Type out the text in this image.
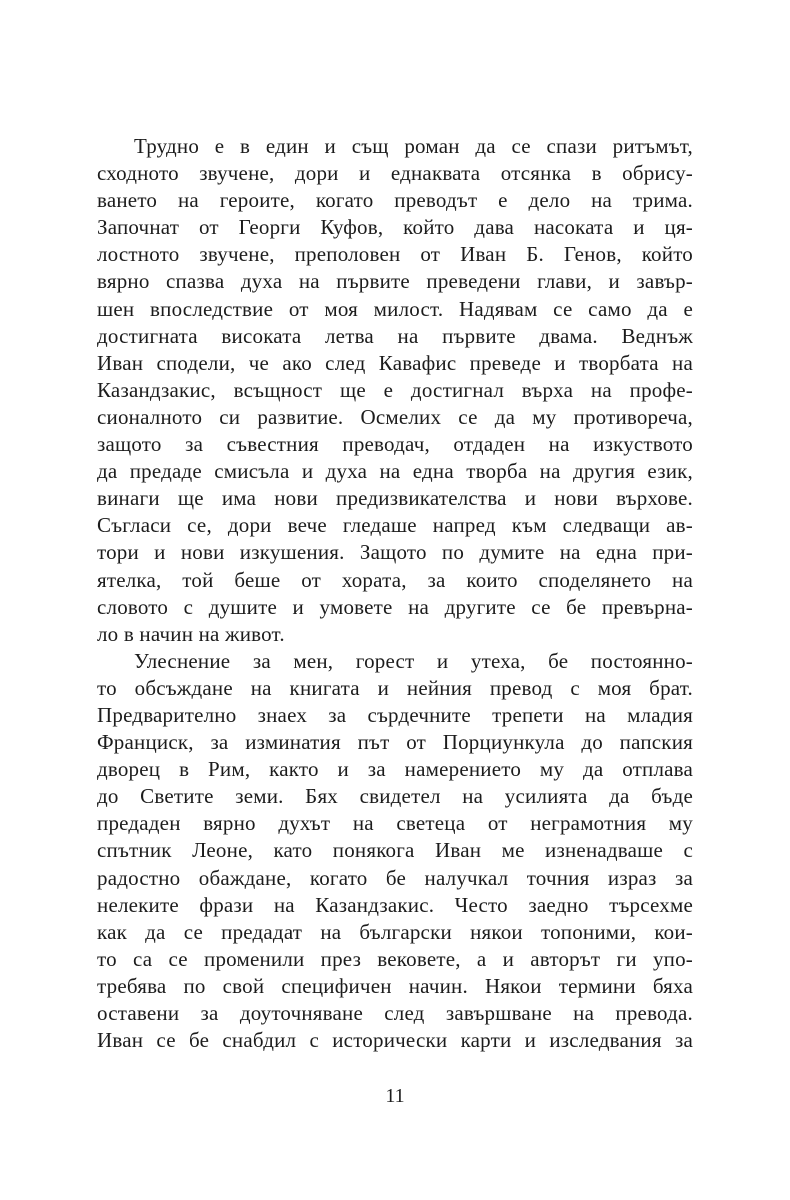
Трудно е в един и същ роман да се спази ритъмът,
сходното звучене, дори и еднаквата отсянка в обрису-
ването на героите, когато преводът е дело на трима.
Започнат от Георги Куфов, който дава насоката и ця-
лостното звучене, преполовен от Иван Б. Генов, който
вярно спазва духа на първите преведени глави, и завър-
шен впоследствие от моя милост. Надявам се само да е
достигната високата летва на първите двама. Веднъж
Иван сподели, че ако след Кавафис преведе и творбата на
Казандзакис, всъщност ще е достигнал върха на профе-
сионалното си развитие. Осмелих се да му противореча,
защото за съвестния преводач, отдаден на изкуството
да предаде смисъла и духа на една творба на другия език,
винаги ще има нови предизвикателства и нови върхове.
Съгласи се, дори вече гледаше напред към следващи ав-
тори и нови изкушения. Защото по думите на една при-
ятелка, той беше от хората, за които споделянето на
словото с душите и умовете на другите се бе превърна-
ло в начин на живот.
Улеснение за мен, горест и утеха, бе постоянно-
то обсъждане на книгата и нейния превод с моя брат.
Предварително знаех за сърдечните трепети на младия
Франциск, за изминатия път от Порциункула до папския
дворец в Рим, както и за намерението му да отплава
до Светите земи. Бях свидетел на усилията да бъде
предаден вярно духът на светеца от неграмотния му
спътник Леоне, като понякога Иван ме изненадваше с
радостно обаждане, когато бе налучкал точния израз за
нелеките фрази на Казандзакис. Често заедно търсехме
как да се предадат на български някои топоними, кои-
то са се променили през вековете, а и авторът ги упо-
требява по свой специфичен начин. Някои термини бяха
оставени за доуточняване след завършване на превода.
Иван се бе снабдил с исторически карти и изследвания за
11
